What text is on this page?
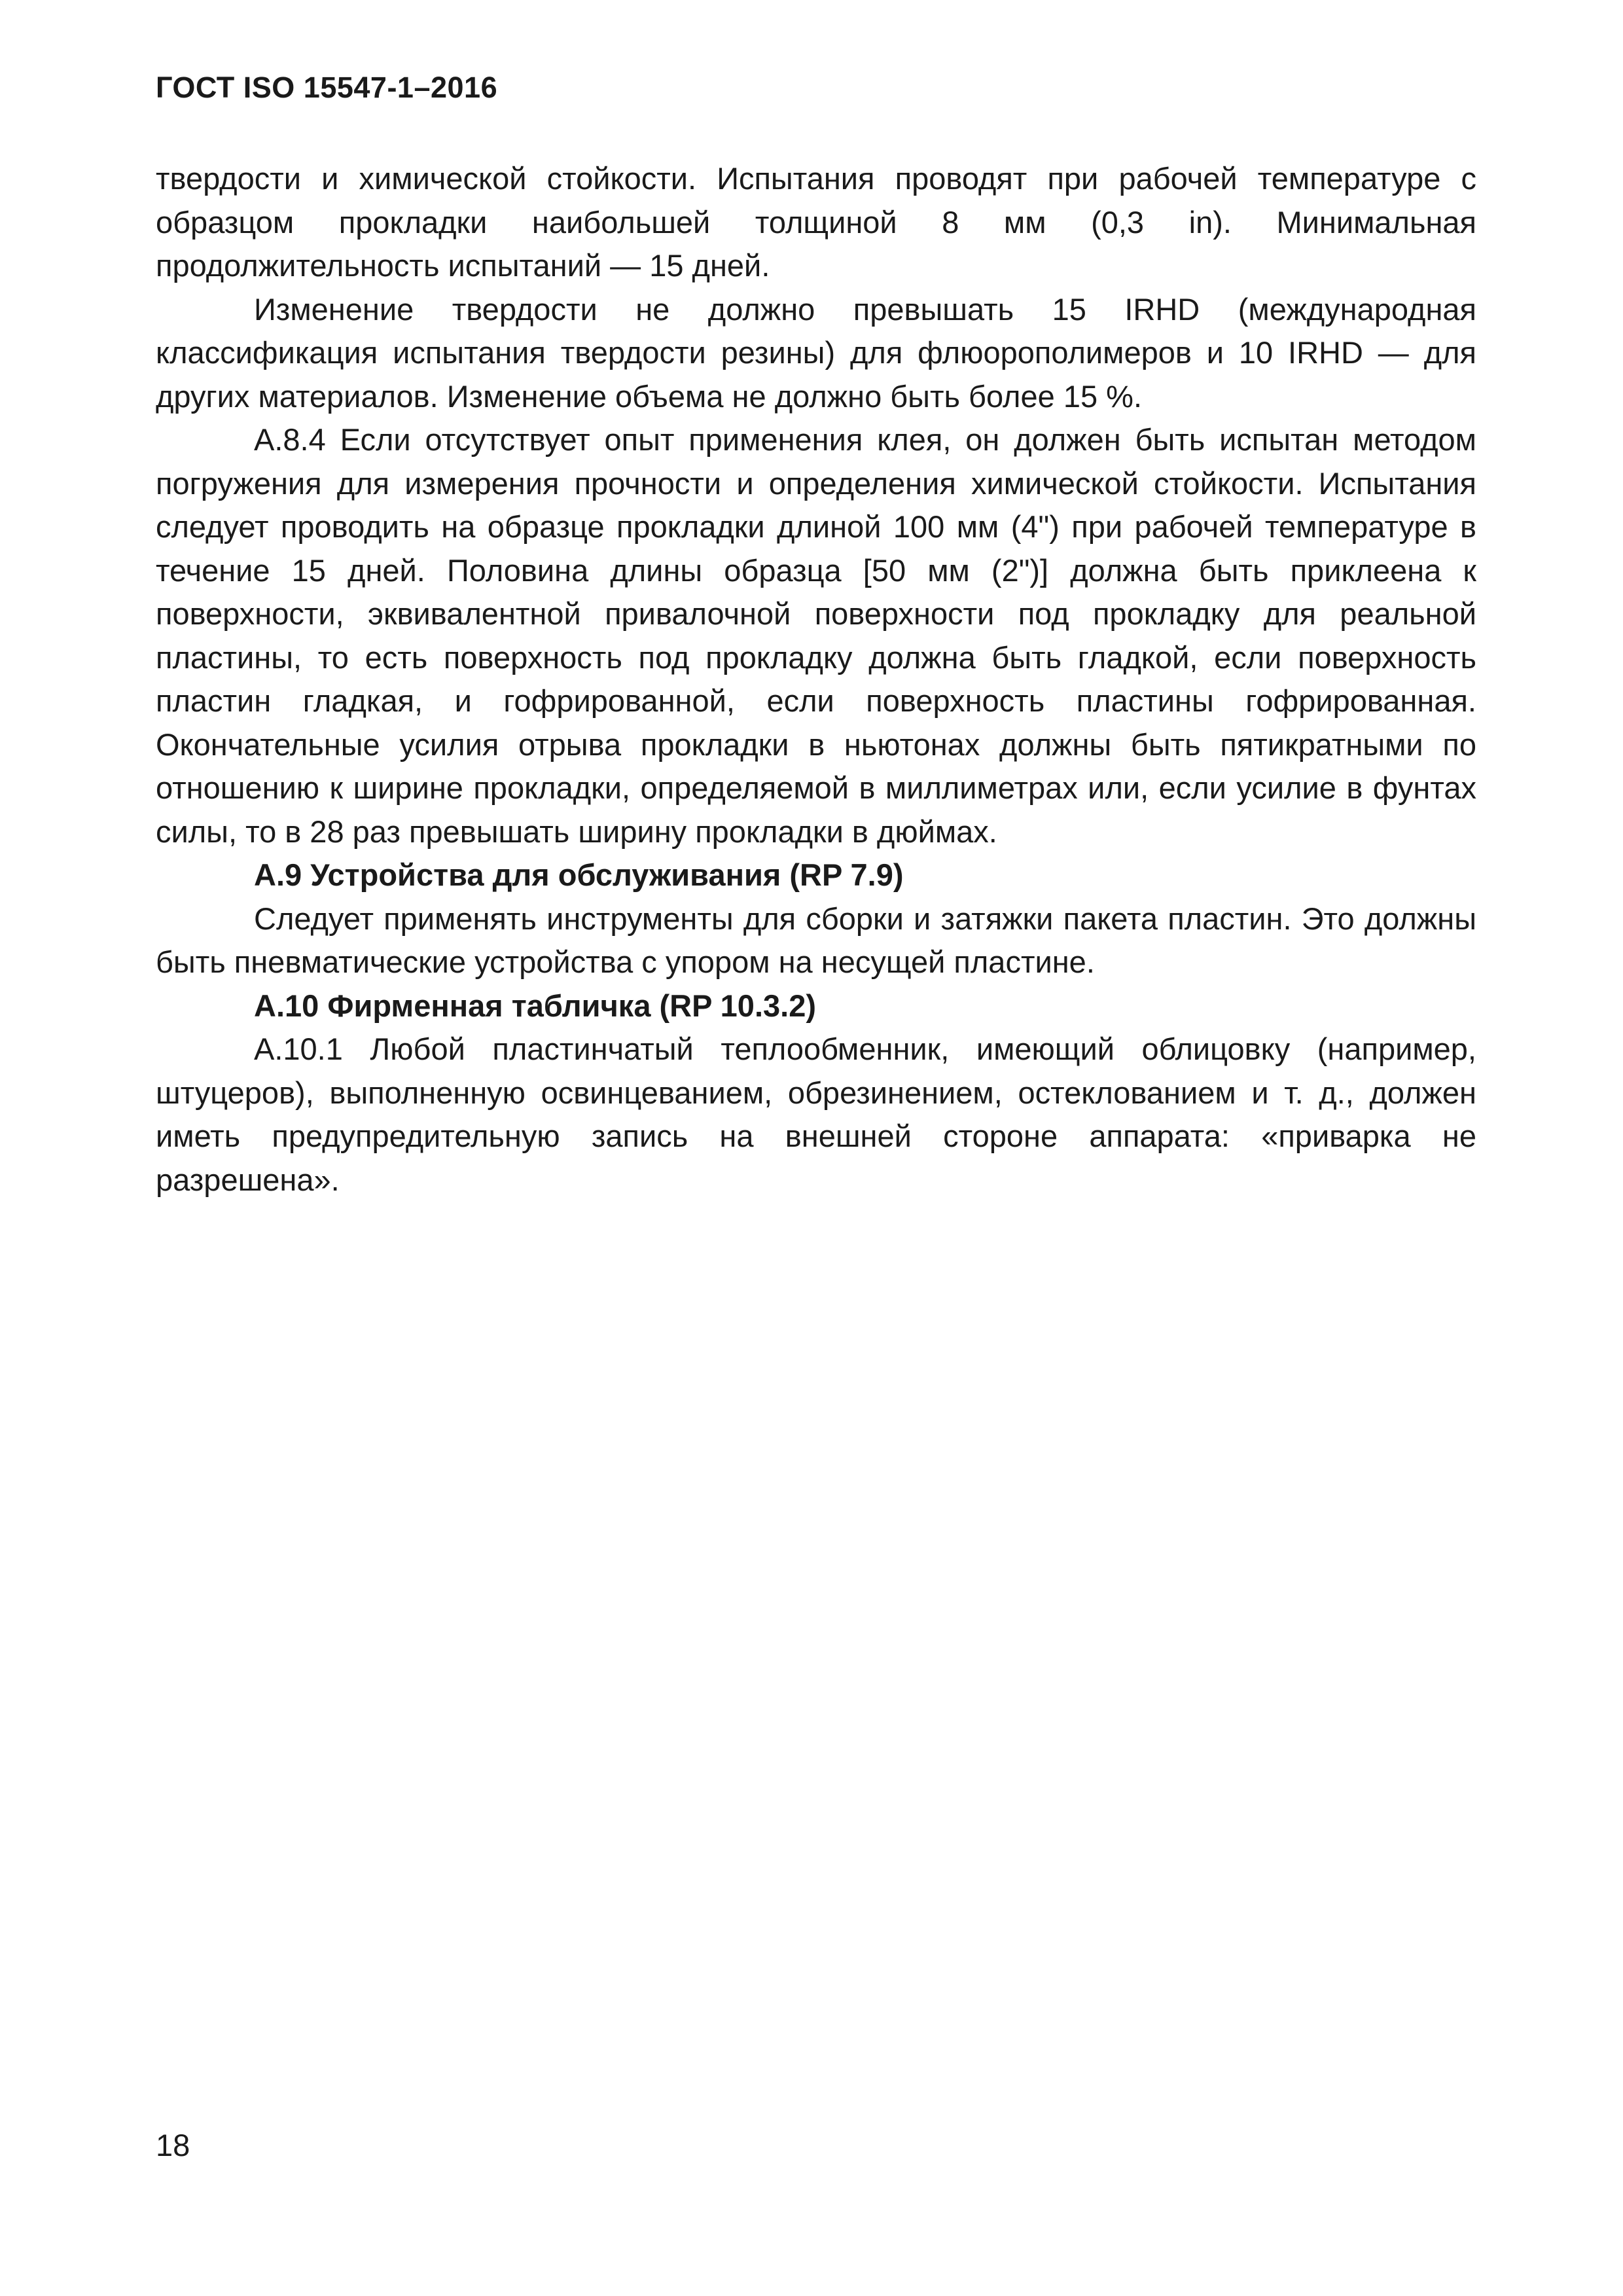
ГОСТ ISO 15547-1–2016

твердости и химической стойкости. Испытания проводят при рабочей температуре с образцом прокладки наибольшей толщиной 8 мм (0,3 in). Минимальная продолжительность испытаний — 15 дней.

Изменение твердости не должно превышать 15 IRHD (международная классификация испытания твердости резины) для флюорополимеров и 10 IRHD — для других материалов. Изменение объема не должно быть более 15 %.

А.8.4 Если отсутствует опыт применения клея, он должен быть испытан методом погружения для измерения прочности и определения химической стойкости. Испытания следует проводить на образце прокладки длиной 100 мм (4") при рабочей температуре в течение 15 дней. Половина длины образца [50 мм (2")] должна быть приклеена к поверхности, эквивалентной привалочной поверхности под прокладку для реальной пластины, то есть поверхность под прокладку должна быть гладкой, если поверхность пластин гладкая, и гофрированной, если поверхность пластины гофрированная. Окончательные усилия отрыва прокладки в ньютонах должны быть пятикратными по отношению к ширине прокладки, определяемой в миллиметрах или, если усилие в фунтах силы, то в 28 раз превышать ширину прокладки в дюймах.

А.9 Устройства для обслуживания (RP 7.9)

Следует применять инструменты для сборки и затяжки пакета пластин. Это должны быть пневматические устройства с упором на несущей пластине.

А.10 Фирменная табличка (RP 10.3.2)

А.10.1 Любой пластинчатый теплообменник, имеющий облицовку (например, штуцеров), выполненную освинцеванием, обрезинением, остеклованием и т. д., должен иметь предупредительную запись на внешней стороне аппарата: «приварка не разрешена».

18
